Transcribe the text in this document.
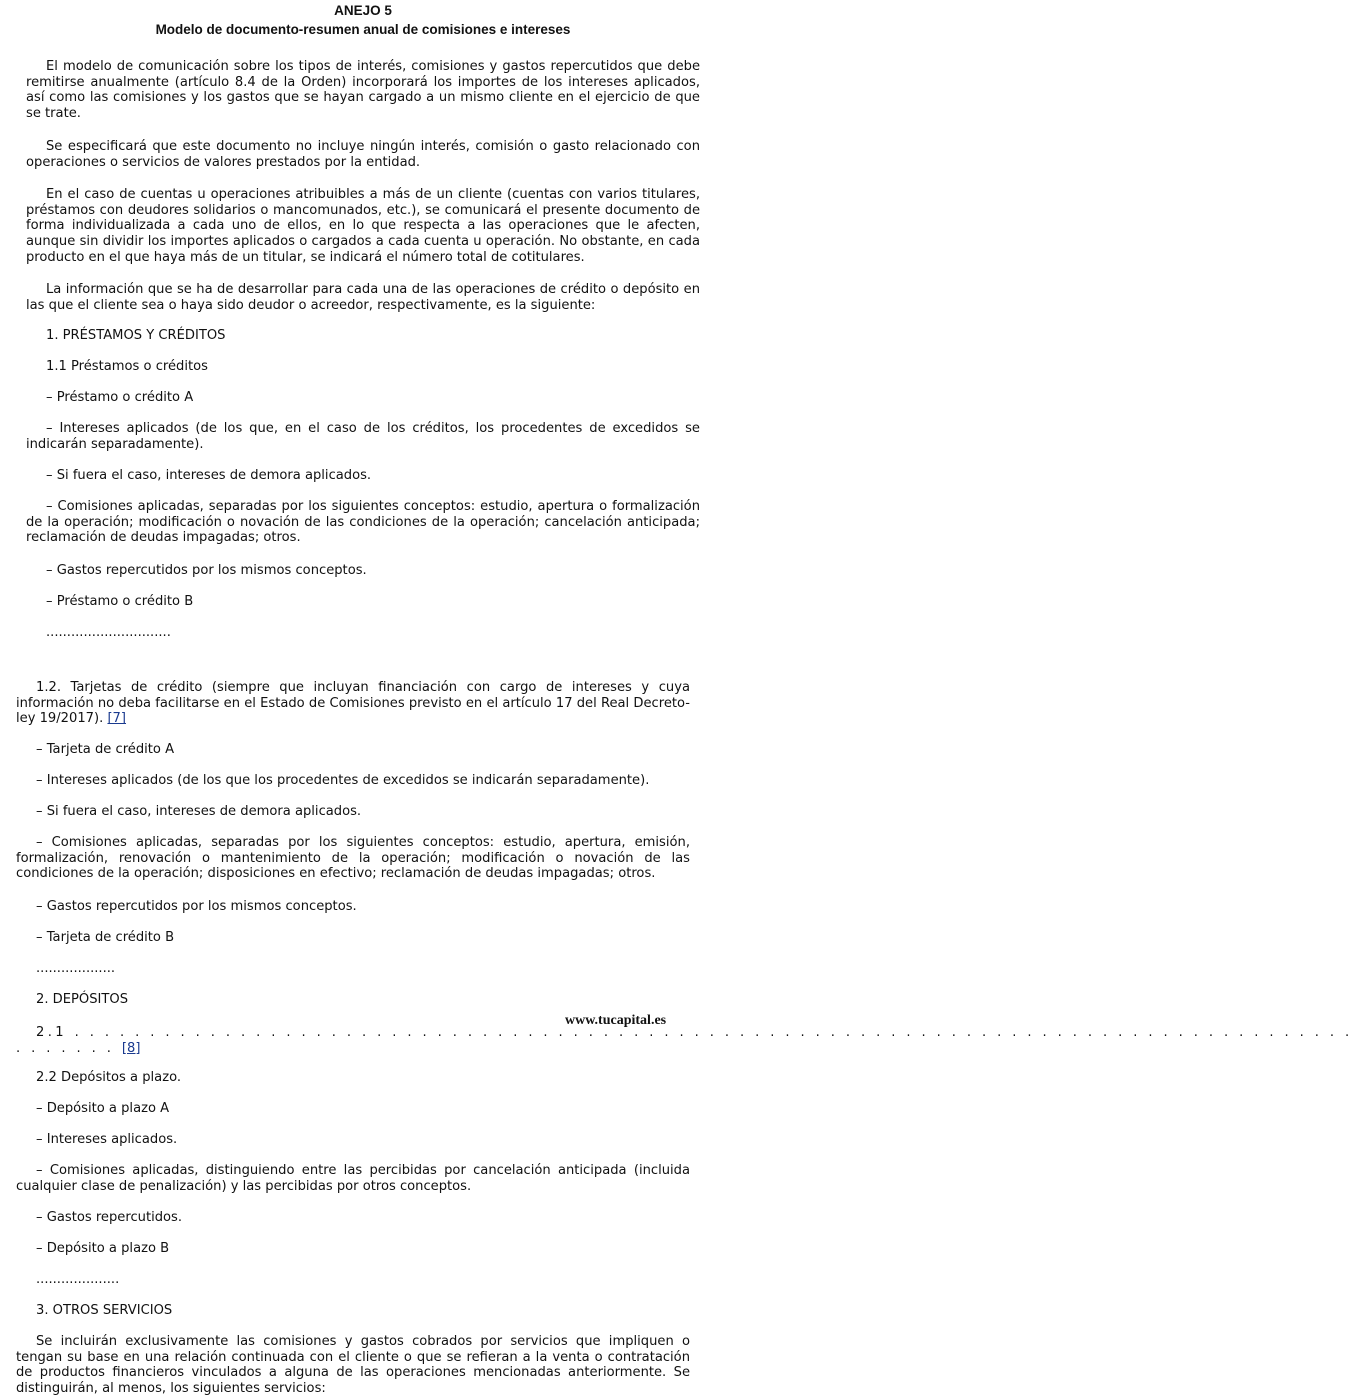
ANEJO 5
Modelo de documento-resumen anual de comisiones e intereses

El modelo de comunicación sobre los tipos de interés, comisiones y gastos repercutidos que debe remitirse anualmente (artículo 8.4 de la Orden) incorporará los importes de los intereses aplicados, así como las comisiones y los gastos que se hayan cargado a un mismo cliente en el ejercicio de que se trate.

Se especificará que este documento no incluye ningún interés, comisión o gasto relacionado con operaciones o servicios de valores prestados por la entidad.

En el caso de cuentas u operaciones atribuibles a más de un cliente (cuentas con varios titulares, préstamos con deudores solidarios o mancomunados, etc.), se comunicará el presente documento de forma individualizada a cada uno de ellos, en lo que respecta a las operaciones que le afecten, aunque sin dividir los importes aplicados o cargados a cada cuenta u operación. No obstante, en cada producto en el que haya más de un titular, se indicará el número total de cotitulares.

La información que se ha de desarrollar para cada una de las operaciones de crédito o depósito en las que el cliente sea o haya sido deudor o acreedor, respectivamente, es la siguiente:

1. PRÉSTAMOS Y CRÉDITOS

1.1 Préstamos o créditos

– Préstamo o crédito A

– Intereses aplicados (de los que, en el caso de los créditos, los procedentes de excedidos se indicarán separadamente).

– Si fuera el caso, intereses de demora aplicados.

– Comisiones aplicadas, separadas por los siguientes conceptos: estudio, apertura o formalización de la operación; modificación o novación de las condiciones de la operación; cancelación anticipada; reclamación de deudas impagadas; otros.

– Gastos repercutidos por los mismos conceptos.

– Préstamo o crédito B

..............................

1.2. Tarjetas de crédito (siempre que incluyan financiación con cargo de intereses y cuya información no deba facilitarse en el Estado de Comisiones previsto en el artículo 17 del Real Decreto-ley 19/2017). [7]

– Tarjeta de crédito A

– Intereses aplicados (de los que los procedentes de excedidos se indicarán separadamente).

– Si fuera el caso, intereses de demora aplicados.

– Comisiones aplicadas, separadas por los siguientes conceptos: estudio, apertura, emisión, formalización, renovación o mantenimiento de la operación; modificación o novación de las condiciones de la operación; disposiciones en efectivo; reclamación de deudas impagadas; otros.

– Gastos repercutidos por los mismos conceptos.

– Tarjeta de crédito B

...................

2. DEPÓSITOS

www.tucapital.es

2.1 . . . . . . . . . . . . . . . . . . . . . . . . . . . . . . . . . . . . . . . . . . . . . . . . . . . . . . . . . . . . . . . . . . . . . . . . . . . . . . . . . . . . .

. . . . . . . [8]

2.2 Depósitos a plazo.

– Depósito a plazo A

– Intereses aplicados.

– Comisiones aplicadas, distinguiendo entre las percibidas por cancelación anticipada (incluida cualquier clase de penalización) y las percibidas por otros conceptos.

– Gastos repercutidos.

– Depósito a plazo B

....................

3. OTROS SERVICIOS

Se incluirán exclusivamente las comisiones y gastos cobrados por servicios que impliquen o tengan su base en una relación continuada con el cliente o que se refieran a la venta o contratación de productos financieros vinculados a alguna de las operaciones mencionadas anteriormente. Se distinguirán, al menos, los siguientes servicios:
